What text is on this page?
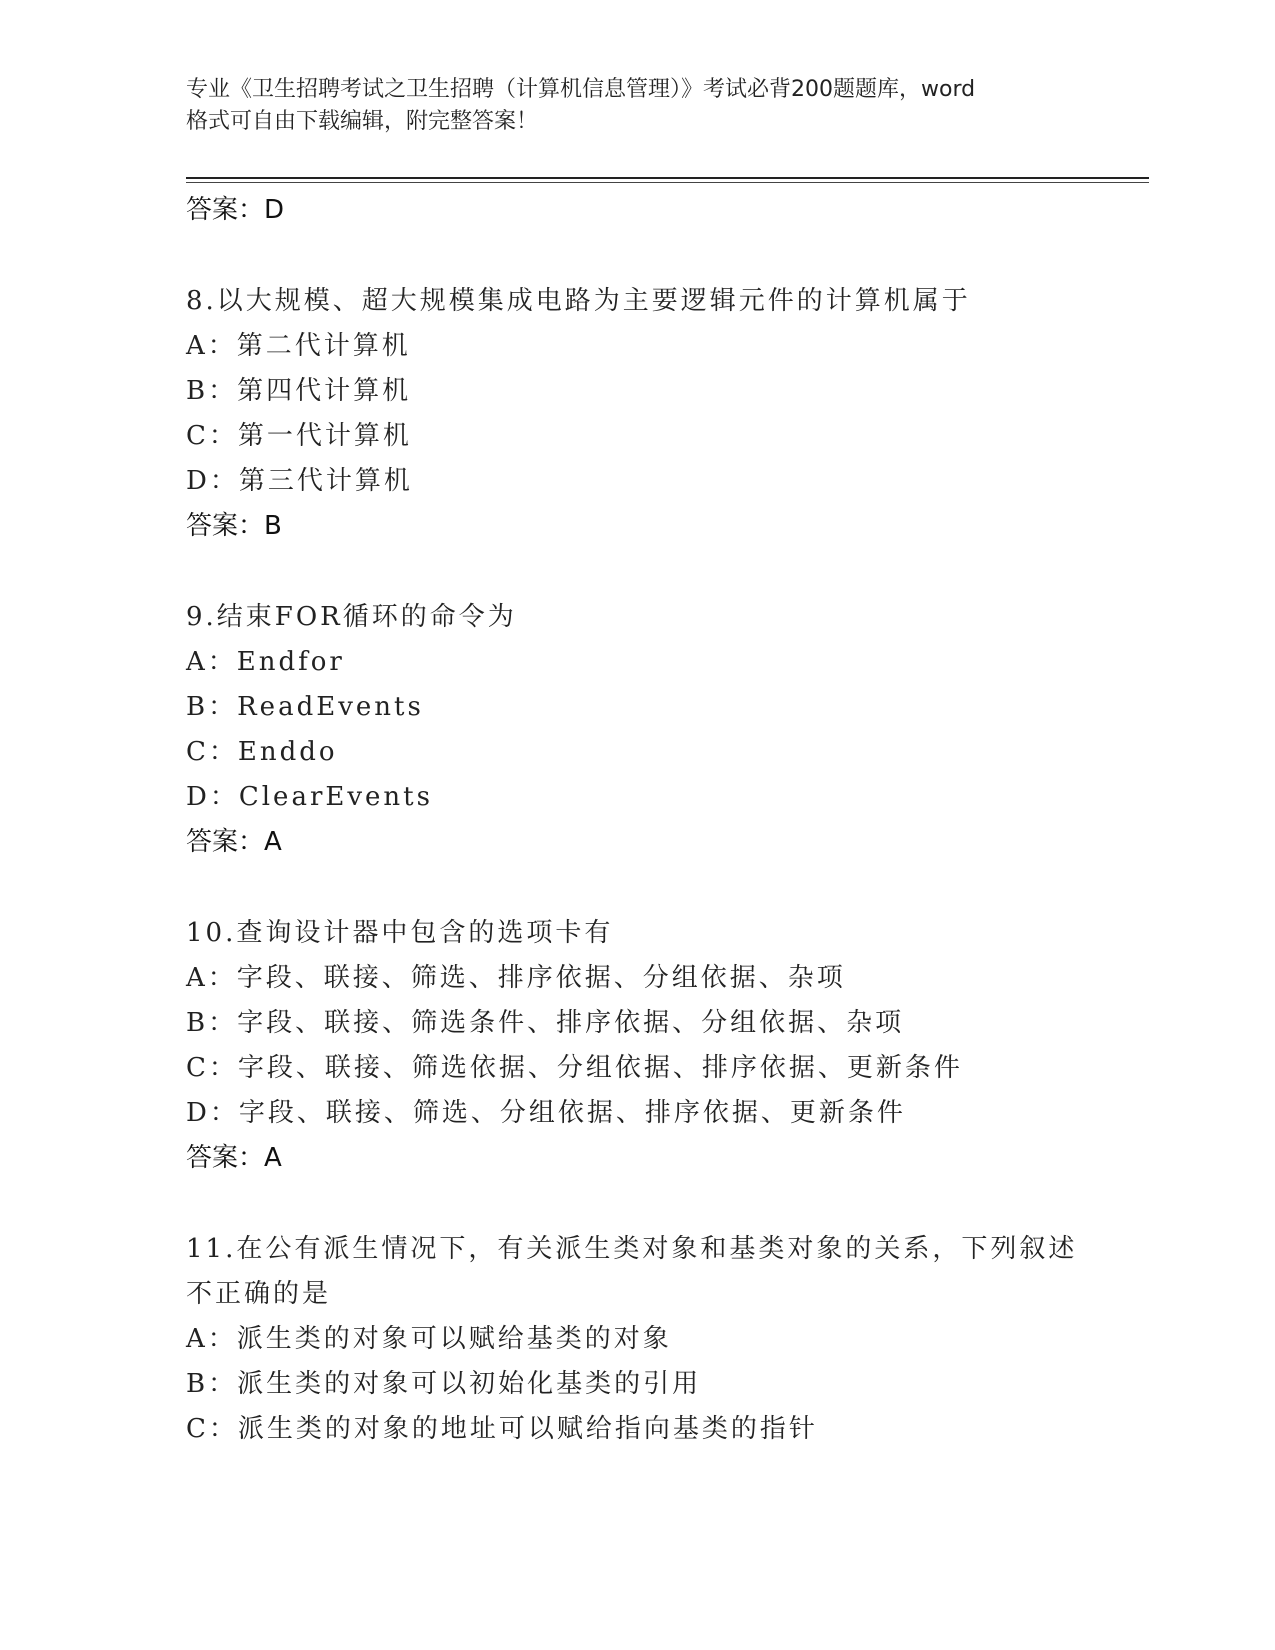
专业《卫生招聘考试之卫生招聘（计算机信息管理）》考试必背200题题库，word
格式可自由下载编辑，附完整答案！
答案：D
8.以大规模、超大规模集成电路为主要逻辑元件的计算机属于
A：第二代计算机
B：第四代计算机
C：第一代计算机
D：第三代计算机
答案：B
9.结束FOR循环的命令为
A：Endfor
B：ReadEvents
C：Enddo
D：ClearEvents
答案：A
10.查询设计器中包含的选项卡有
A：字段、联接、筛选、排序依据、分组依据、杂项
B：字段、联接、筛选条件、排序依据、分组依据、杂项
C：字段、联接、筛选依据、分组依据、排序依据、更新条件
D：字段、联接、筛选、分组依据、排序依据、更新条件
答案：A
11.在公有派生情况下，有关派生类对象和基类对象的关系，下列叙述
不正确的是
A：派生类的对象可以赋给基类的对象
B：派生类的对象可以初始化基类的引用
C：派生类的对象的地址可以赋给指向基类的指针
